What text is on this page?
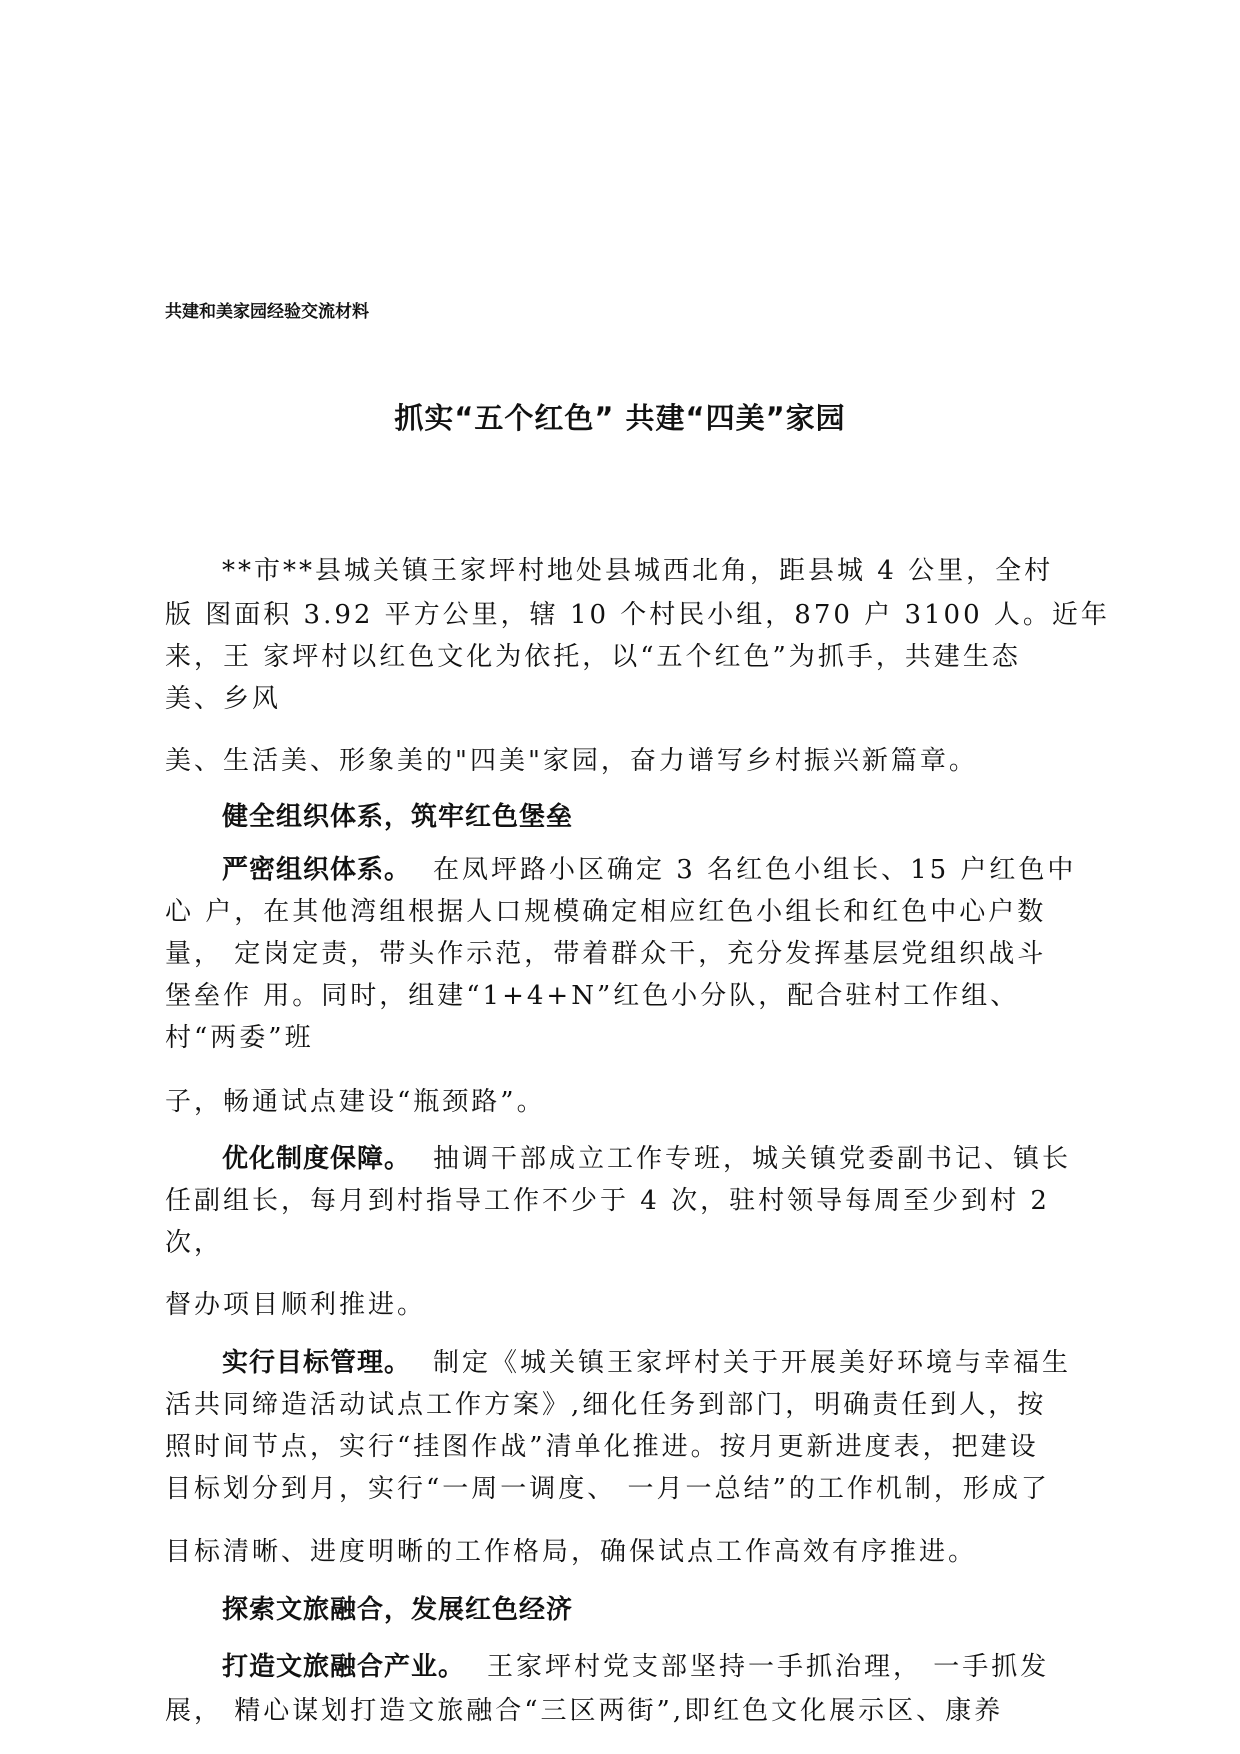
共建和美家园经验交流材料
抓实“五个红色” 共建“四美”家园
**市**县城关镇王家坪村地处县城西北角，距县城 4 公里，全村
版 图面积 3.92 平方公里，辖 10 个村民小组，870 户 3100 人。近年
来，王 家坪村以红色文化为依托，以“五个红色”为抓手，共建生态
美、乡风
美、生活美、形象美的"四美"家园，奋力谱写乡村振兴新篇章。
健全组织体系，筑牢红色堡垒
严密组织体系。 在凤坪路小区确定 3 名红色小组长、15 户红色中
心 户，在其他湾组根据人口规模确定相应红色小组长和红色中心户数
量， 定岗定责，带头作示范，带着群众干，充分发挥基层党组织战斗
堡垒作 用。同时，组建“1+4+N”红色小分队，配合驻村工作组、
村“两委”班
子，畅通试点建设“瓶颈路”。
优化制度保障。 抽调干部成立工作专班，城关镇党委副书记、镇长
任副组长，每月到村指导工作不少于 4 次，驻村领导每周至少到村 2
次，
督办项目顺利推进。
实行目标管理。 制定《城关镇王家坪村关于开展美好环境与幸福生
活共同缔造活动试点工作方案》,细化任务到部门，明确责任到人，按
照时间节点，实行“挂图作战”清单化推进。按月更新进度表，把建设
目标划分到月，实行“一周一调度、 一月一总结”的工作机制，形成了
目标清晰、进度明晰的工作格局，确保试点工作高效有序推进。
探索文旅融合，发展红色经济
打造文旅融合产业。 王家坪村党支部坚持一手抓治理， 一手抓发
展， 精心谋划打造文旅融合“三区两街”,即红色文化展示区、康养
